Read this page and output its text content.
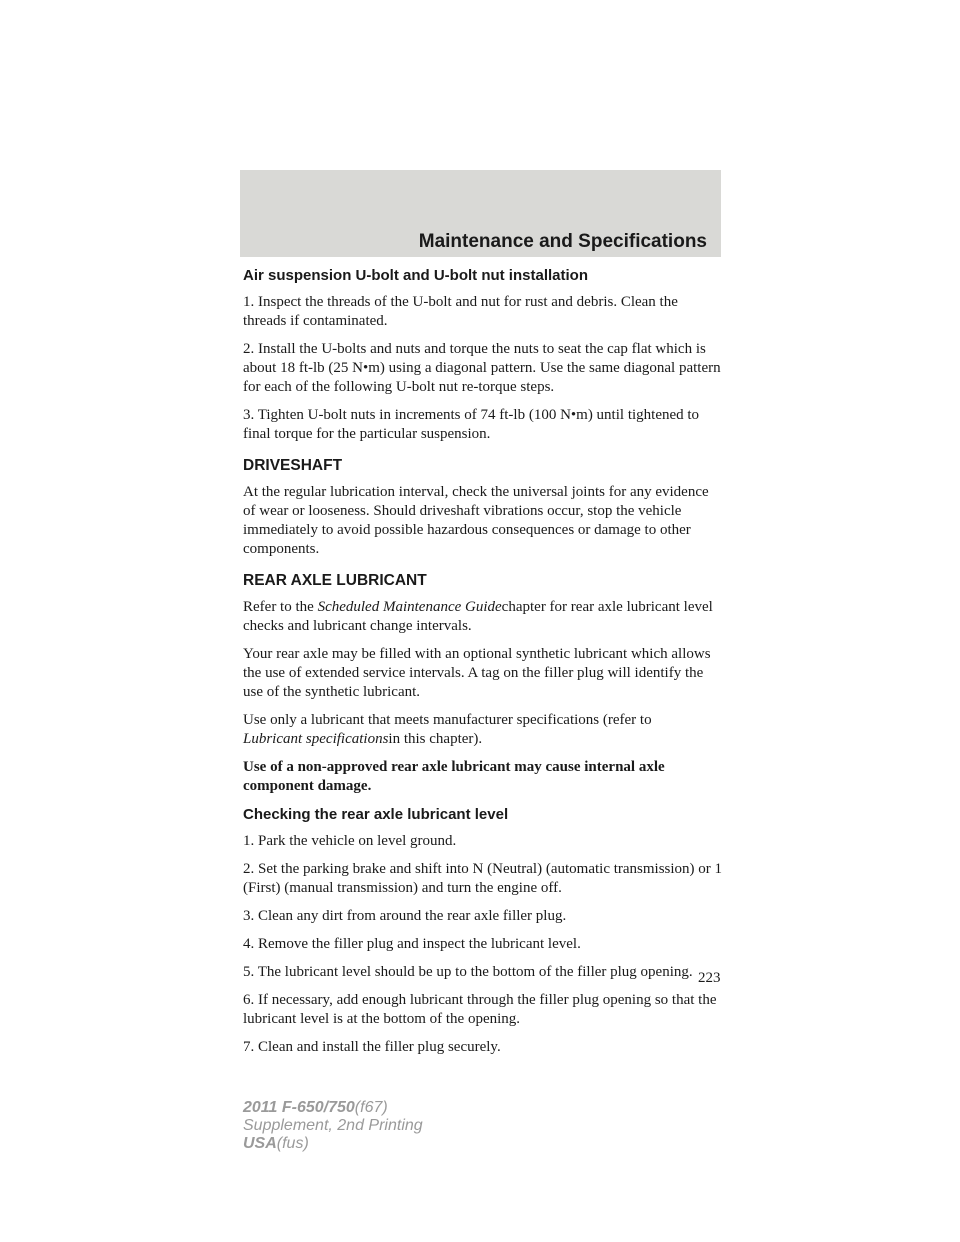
Maintenance and Specifications
Air suspension U-bolt and U-bolt nut installation

1. Inspect the threads of the U-bolt and nut for rust and debris. Clean the threads if contaminated.

2. Install the U-bolts and nuts and torque the nuts to seat the cap flat which is about 18 ft-lb (25 N•m) using a diagonal pattern. Use the same diagonal pattern for each of the following U-bolt nut re-torque steps.

3. Tighten U-bolt nuts in increments of 74 ft-lb (100 N•m) until tightened to final torque for the particular suspension.

DRIVESHAFT

At the regular lubrication interval, check the universal joints for any evidence of wear or looseness. Should driveshaft vibrations occur, stop the vehicle immediately to avoid possible hazardous consequences or damage to other components.

REAR AXLE LUBRICANT

Refer to the Scheduled Maintenance Guidechapter for rear axle lubricant level checks and lubricant change intervals.

Your rear axle may be filled with an optional synthetic lubricant which allows the use of extended service intervals. A tag on the filler plug will identify the use of the synthetic lubricant.

Use only a lubricant that meets manufacturer specifications (refer to
Lubricant specificationsin this chapter).

Use of a non-approved rear axle lubricant may cause internal axle component damage.

Checking the rear axle lubricant level

1. Park the vehicle on level ground.

2. Set the parking brake and shift into N (Neutral) (automatic transmission) or 1 (First) (manual transmission) and turn the engine off.

3. Clean any dirt from around the rear axle filler plug.

4. Remove the filler plug and inspect the lubricant level.

5. The lubricant level should be up to the bottom of the filler plug opening.

6. If necessary, add enough lubricant through the filler plug opening so that the lubricant level is at the bottom of the opening.

7. Clean and install the filler plug securely.

223
2011 F-650/750(f67)
Supplement, 2nd Printing
USA(fus)
